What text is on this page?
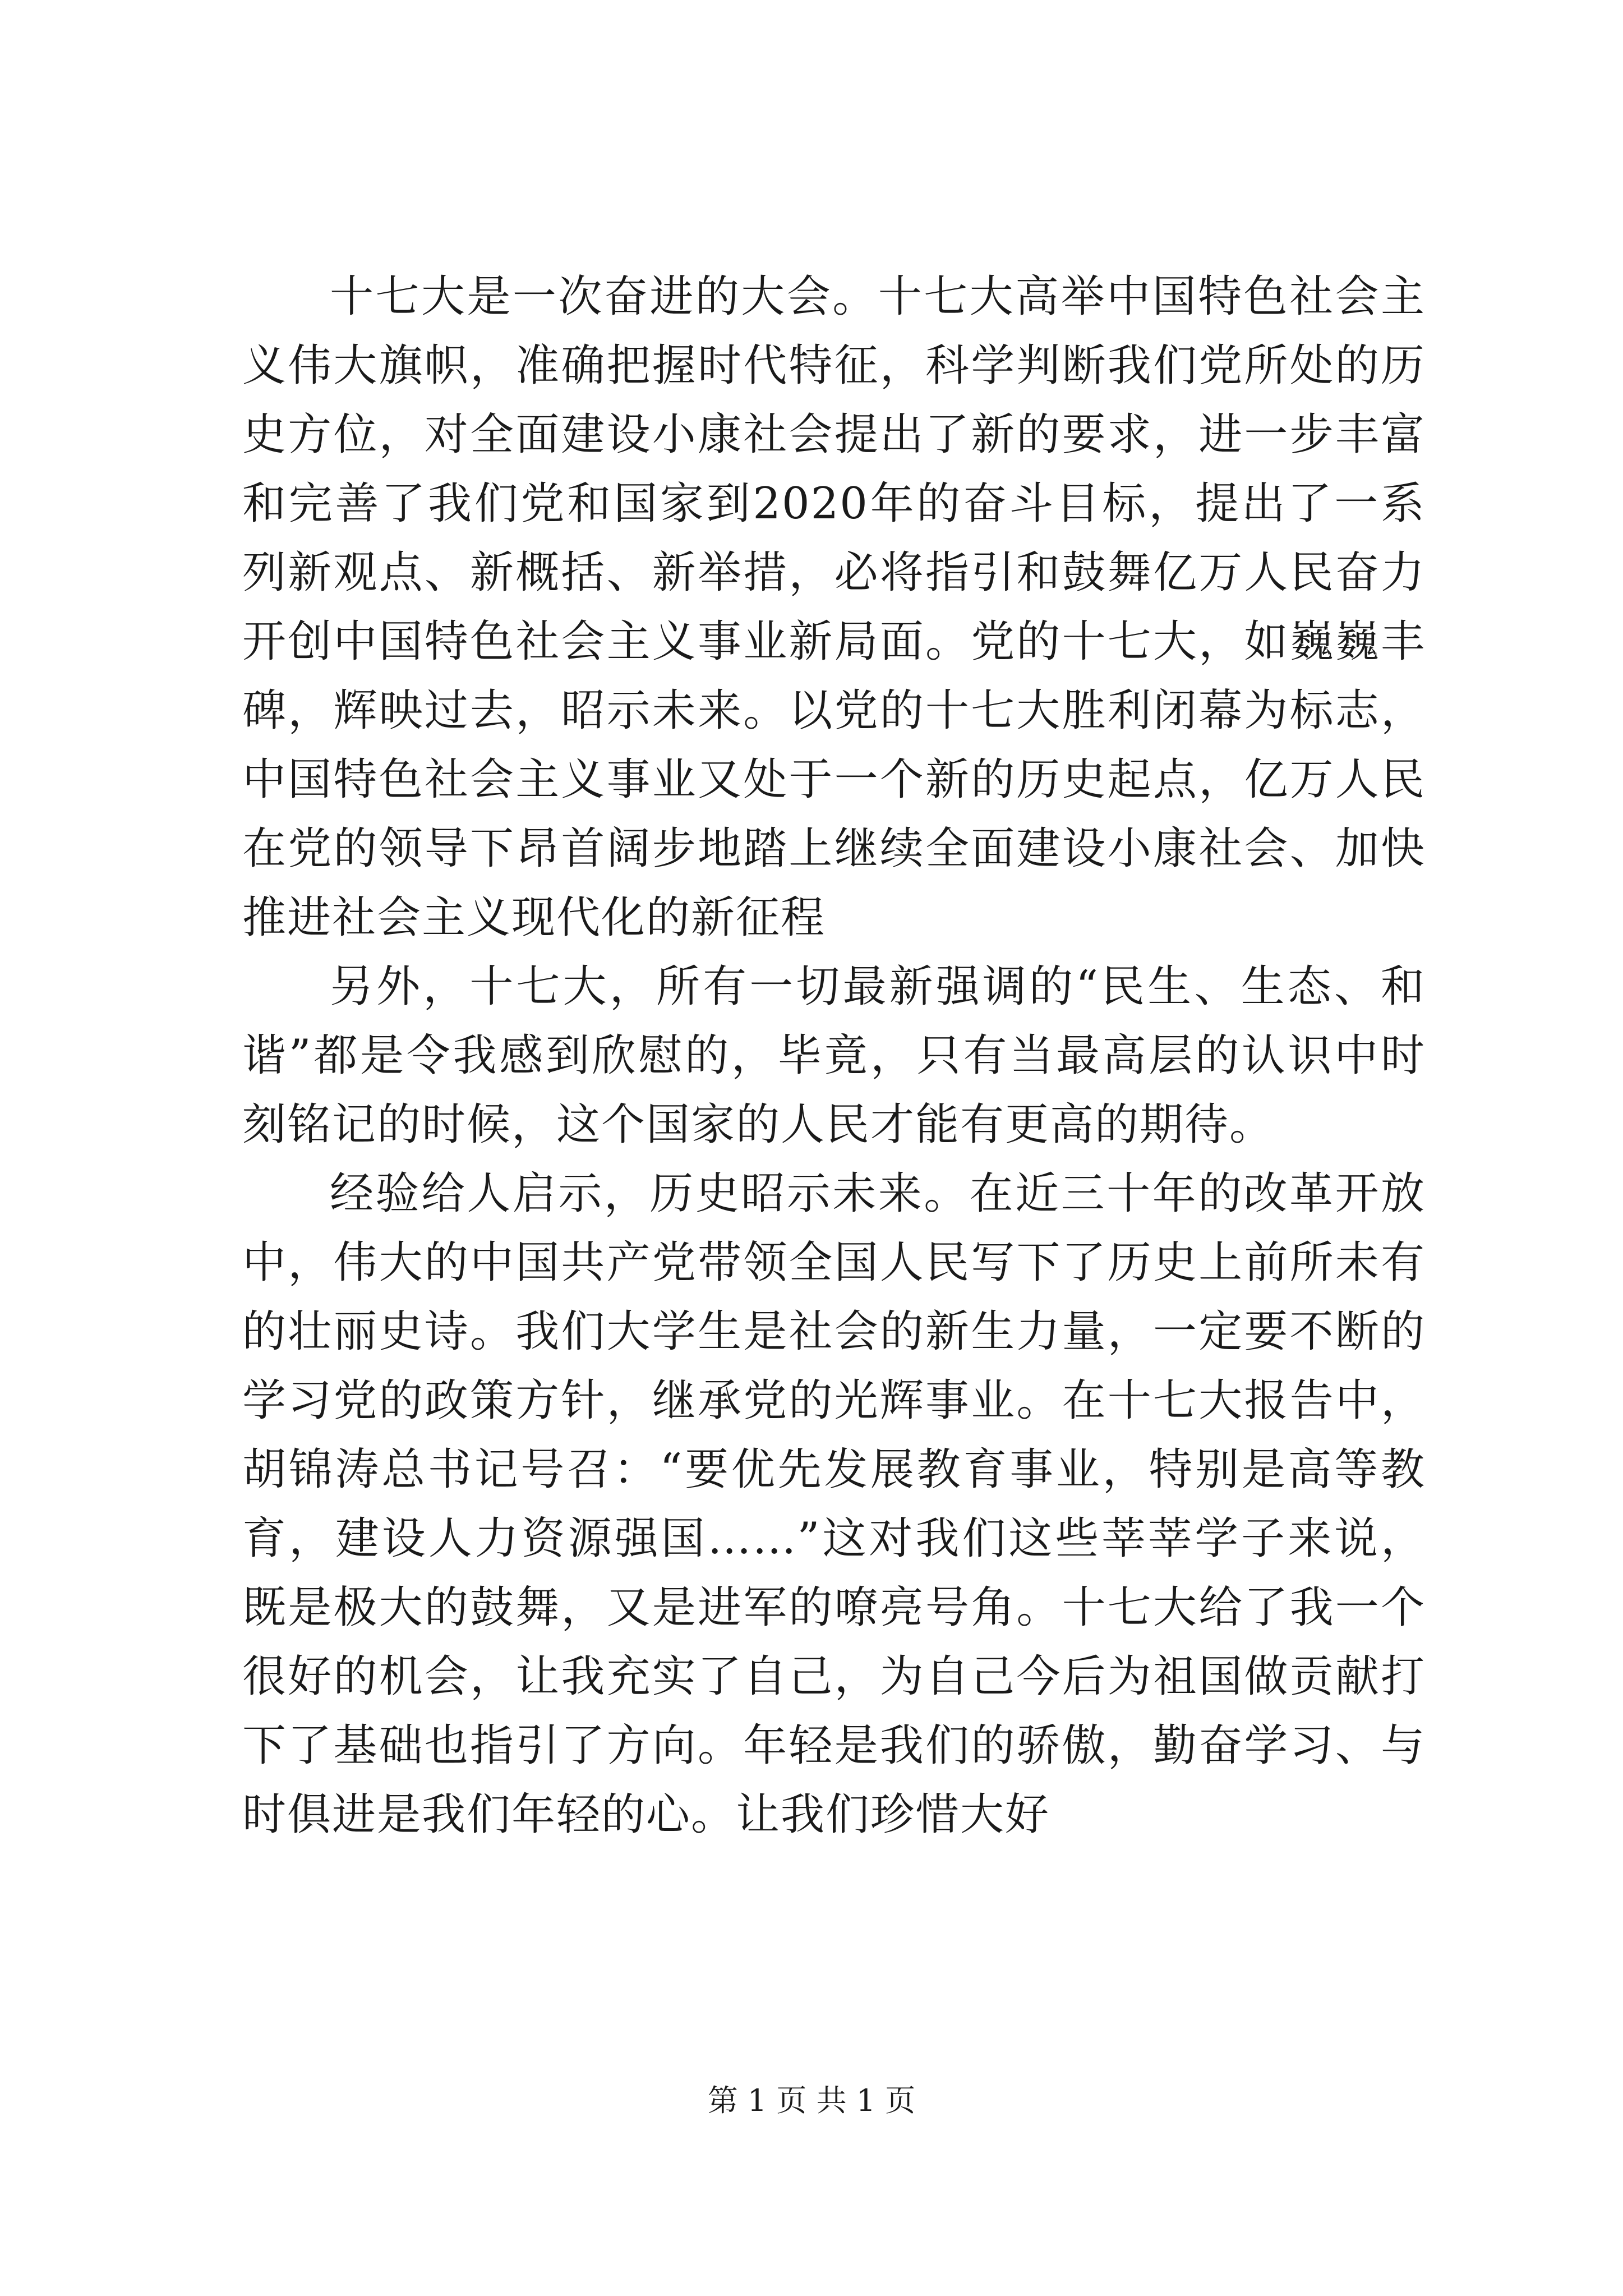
十七大是一次奋进的大会。十七大高举中国特色社会主义伟大旗帜，准确把握时代特征，科学判断我们党所处的历史方位，对全面建设小康社会提出了新的要求，进一步丰富和完善了我们党和国家到2020年的奋斗目标，提出了一系列新观点、新概括、新举措，必将指引和鼓舞亿万人民奋力开创中国特色社会主义事业新局面。党的十七大，如巍巍丰碑，辉映过去，昭示未来。以党的十七大胜利闭幕为标志，中国特色社会主义事业又处于一个新的历史起点，亿万人民在党的领导下昂首阔步地踏上继续全面建设小康社会、加快推进社会主义现代化的新征程

另外，十七大，所有一切最新强调的“民生、生态、和谐”都是令我感到欣慰的，毕竟，只有当最高层的认识中时刻铭记的时候，这个国家的人民才能有更高的期待。

经验给人启示，历史昭示未来。在近三十年的改革开放中，伟大的中国共产党带领全国人民写下了历史上前所未有的壮丽史诗。我们大学生是社会的新生力量，一定要不断的学习党的政策方针，继承党的光辉事业。在十七大报告中，胡锦涛总书记号召：“要优先发展教育事业，特别是高等教育，建设人力资源强国……”这对我们这些莘莘学子来说，既是极大的鼓舞，又是进军的嘹亮号角。十七大给了我一个很好的机会，让我充实了自己，为自己今后为祖国做贡献打下了基础也指引了方向。年轻是我们的骄傲，勤奋学习、与时俱进是我们年轻的心。让我们珍惜大好

第 1 页 共 1 页
